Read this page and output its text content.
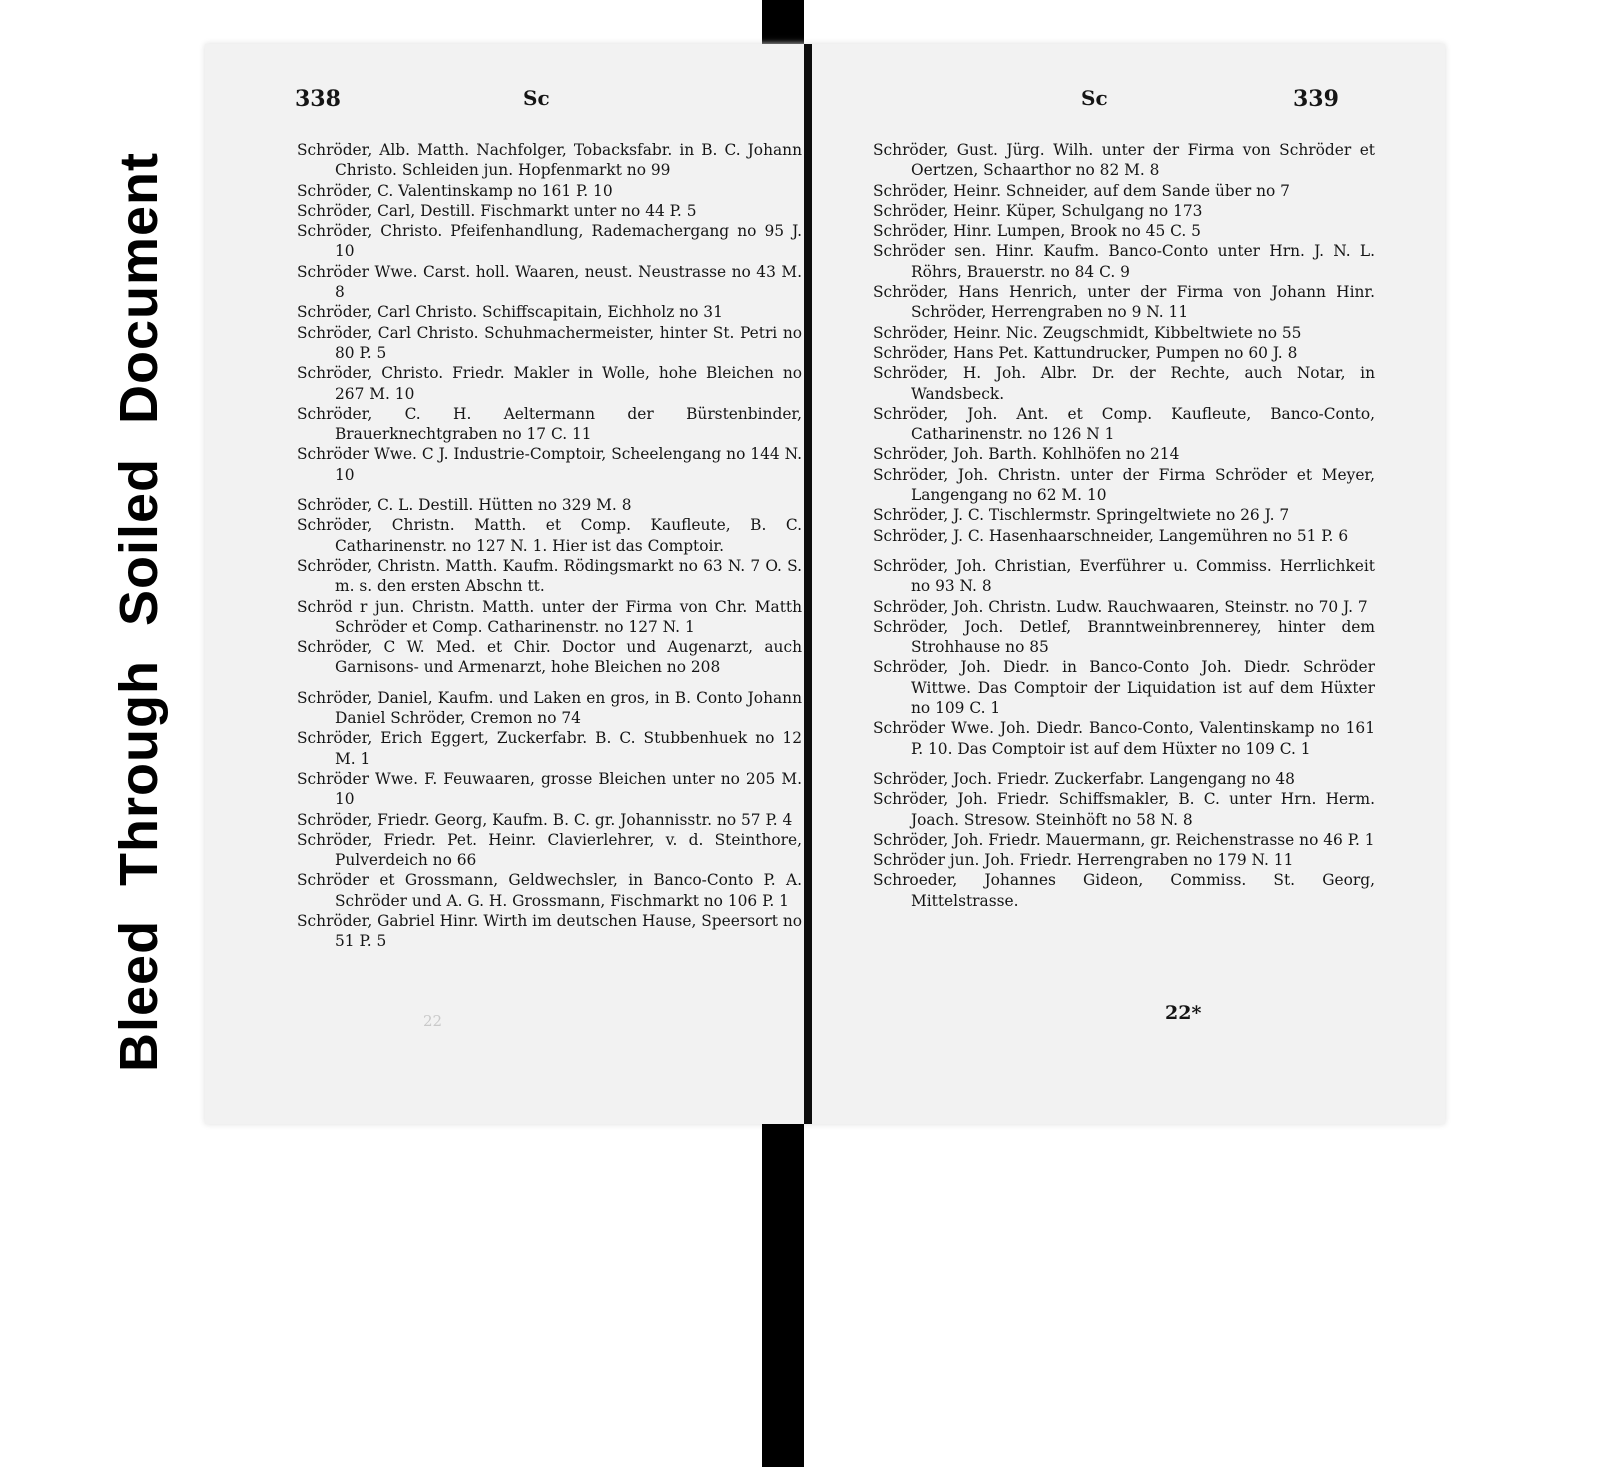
Bleed Through Soiled Document
338	Sc
Schröder, Alb. Matth. Nachfolger, Tobacksfabr. in B. C. Johann Christo. Schleiden jun. Hopfenmarkt no 99
Schröder, C. Valentinskamp no 161 P. 10
Schröder, Carl, Destill. Fischmarkt unter no 44 P. 5
Schröder, Christo. Pfeifenhandlung, Rademachergang no 95 J. 10
Schröder Wwe. Carst. holl. Waaren, neust. Neustrasse no 43 M. 8
Schröder, Carl Christo. Schiffscapitain, Eichholz no 31
Schröder, Carl Christo. Schuhmachermeister, hinter St. Petri no 80 P. 5
Schröder, Christo. Friedr. Makler in Wolle, hohe Bleichen no 267 M. 10
Schröder, C. H. Aeltermann der Bürstenbinder, Brauerknechtgraben no 17 C. 11
Schröder Wwe. C J. Industrie-Comptoir, Scheelengang no 144 N. 10
Schröder, C. L. Destill. Hütten no 329 M. 8
Schröder, Christn. Matth. et Comp. Kaufleute, B. C. Catharinenstr. no 127 N. 1. Hier ist das Comptoir.
Schröder, Christn. Matth. Kaufm. Rödingsmarkt no 63 N. 7 O. S. m. s. den ersten Abschn tt.
Schröd r jun. Christn. Matth. unter der Firma von Chr. Matth Schröder et Comp. Catharinenstr. no 127 N. 1
Schröder, C W. Med. et Chir. Doctor und Augenarzt, auch Garnisons- und Armenarzt, hohe Bleichen no 208
Schröder, Daniel, Kaufm. und Laken en gros, in B. Conto Johann Daniel Schröder, Cremon no 74
Schröder, Erich Eggert, Zuckerfabr. B. C. Stubbenhuek no 12 M. 1
Schröder Wwe. F. Feuwaaren, grosse Bleichen unter no 205 M. 10
Schröder, Friedr. Georg, Kaufm. B. C. gr. Johannisstr. no 57 P. 4
Schröder, Friedr. Pet. Heinr. Clavierlehrer, v. d. Steinthore, Pulverdeich no 66
Schröder et Grossmann, Geldwechsler, in Banco-Conto P. A. Schröder und A. G. H. Grossmann, Fischmarkt no 106 P. 1
Schröder, Gabriel Hinr. Wirth im deutschen Hause, Speersort no 51 P. 5
22
Sc	339
Schröder, Gust. Jürg. Wilh. unter der Firma von Schröder et Oertzen, Schaarthor no 82 M. 8
Schröder, Heinr. Schneider, auf dem Sande über no 7
Schröder, Heinr. Küper, Schulgang no 173
Schröder, Hinr. Lumpen, Brook no 45 C. 5
Schröder sen. Hinr. Kaufm. Banco-Conto unter Hrn. J. N. L. Röhrs, Brauerstr. no 84 C. 9
Schröder, Hans Henrich, unter der Firma von Johann Hinr. Schröder, Herrengraben no 9 N. 11
Schröder, Heinr. Nic. Zeugschmidt, Kibbeltwiete no 55
Schröder, Hans Pet. Kattundrucker, Pumpen no 60 J. 8
Schröder, H. Joh. Albr. Dr. der Rechte, auch Notar, in Wandsbeck.
Schröder, Joh. Ant. et Comp. Kaufleute, Banco-Conto, Catharinenstr. no 126 N 1
Schröder, Joh. Barth. Kohlhöfen no 214
Schröder, Joh. Christn. unter der Firma Schröder et Meyer, Langengang no 62 M. 10
Schröder, J. C. Tischlermstr. Springeltwiete no 26 J. 7
Schröder, J. C. Hasenhaarschneider, Langemühren no 51 P. 6
Schröder, Joh. Christian, Everführer u. Commiss. Herrlichkeit no 93 N. 8
Schröder, Joh. Christn. Ludw. Rauchwaaren, Steinstr. no 70 J. 7
Schröder, Joch. Detlef, Branntweinbrennerey, hinter dem Strohhause no 85
Schröder, Joh. Diedr. in Banco-Conto Joh. Diedr. Schröder Wittwe. Das Comptoir der Liquidation ist auf dem Hüxter no 109 C. 1
Schröder Wwe. Joh. Diedr. Banco-Conto, Valentinskamp no 161 P. 10. Das Comptoir ist auf dem Hüxter no 109 C. 1
Schröder, Joch. Friedr. Zuckerfabr. Langengang no 48
Schröder, Joh. Friedr. Schiffsmakler, B. C. unter Hrn. Herm. Joach. Stresow. Steinhöft no 58 N. 8
Schröder, Joh. Friedr. Mauermann, gr. Reichenstrasse no 46 P. 1
Schröder jun. Joh. Friedr. Herrengraben no 179 N. 11
Schroeder, Johannes Gideon, Commiss. St. Georg, Mittelstrasse.
22*
